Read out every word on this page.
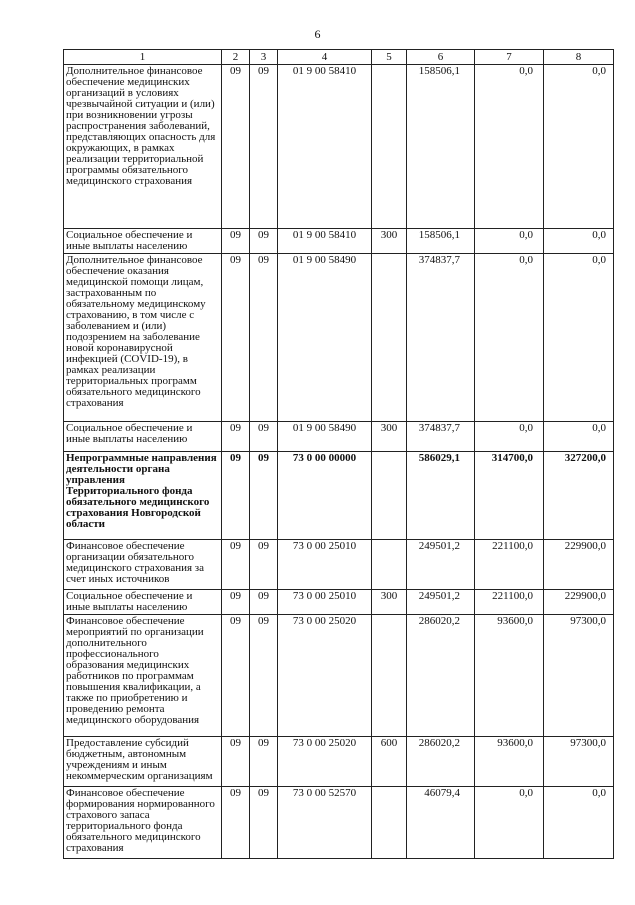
6
1	2	3	4	5	6	7	8
Дополнительное финансовое обеспечение медицинских организаций в условиях чрезвычайной ситуации и (или) при возникновении угрозы распространения заболеваний, представляющих опасность для окружающих, в рамках реализации территориальной программы обязательного медицинского страхования	09	09	01 9 00 58410		158506,1	0,0	0,0
Социальное обеспечение и иные выплаты населению	09	09	01 9 00 58410	300	158506,1	0,0	0,0
Дополнительное финансовое обеспечение оказания медицинской помощи лицам, застрахованным по обязательному медицинскому страхованию, в том числе с заболеванием и (или) подозрением на заболевание новой коронавирусной инфекцией (COVID-19), в рамках реализации территориальных программ обязательного медицинского страхования	09	09	01 9 00 58490		374837,7	0,0	0,0
Социальное обеспечение и иные выплаты населению	09	09	01 9 00 58490	300	374837,7	0,0	0,0
Непрограммные направления деятельности органа управления Территориального фонда обязательного медицинского страхования Новгородской области	09	09	73 0 00 00000		586029,1	314700,0	327200,0
Финансовое обеспечение организации обязательного медицинского страхования за счет иных источников	09	09	73 0 00 25010		249501,2	221100,0	229900,0
Социальное обеспечение и иные выплаты населению	09	09	73 0 00 25010	300	249501,2	221100,0	229900,0
Финансовое обеспечение мероприятий по организации дополнительного профессионального образования медицинских работников по программам повышения квалификации, а также по приобретению и проведению ремонта медицинского оборудования	09	09	73 0 00 25020		286020,2	93600,0	97300,0
Предоставление субсидий бюджетным, автономным учреждениям и иным некоммерческим организациям	09	09	73 0 00 25020	600	286020,2	93600,0	97300,0
Финансовое обеспечение формирования нормированного страхового запаса территориального фонда обязательного медицинского страхования	09	09	73 0 00 52570		46079,4	0,0	0,0
